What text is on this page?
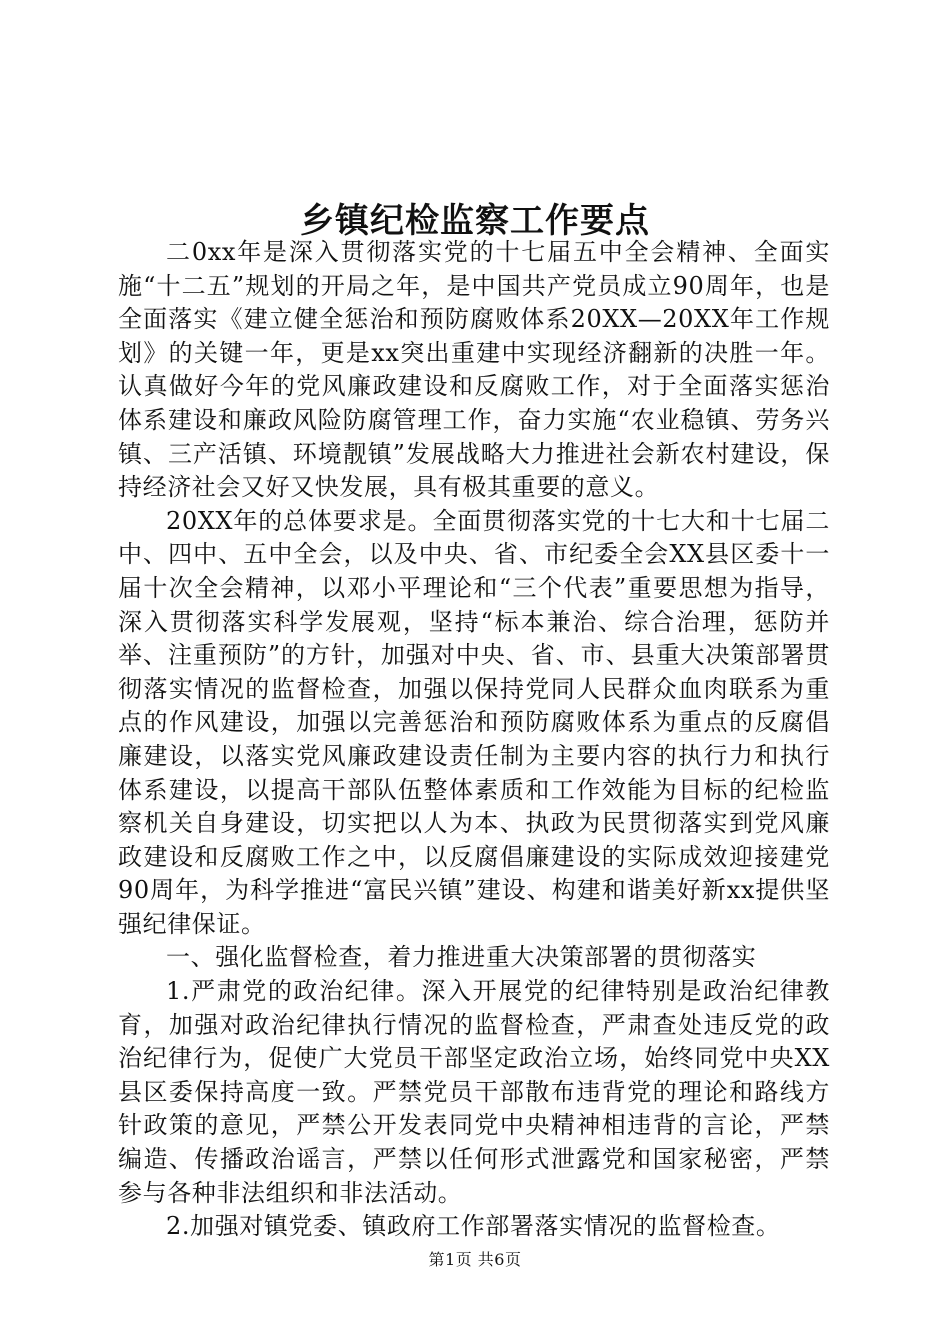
乡镇纪检监察工作要点

二0xx年是深入贯彻落实党的十七届五中全会精神、全面实施“十二五”规划的开局之年，是中国共产党员成立90周年，也是全面落实《建立健全惩治和预防腐败体系20XX—20XX年工作规划》的关键一年，更是xx突出重建中实现经济翻新的决胜一年。认真做好今年的党风廉政建设和反腐败工作，对于全面落实惩治体系建设和廉政风险防腐管理工作，奋力实施“农业稳镇、劳务兴镇、三产活镇、环境靓镇”发展战略大力推进社会新农村建设，保持经济社会又好又快发展，具有极其重要的意义。

20XX年的总体要求是。全面贯彻落实党的十七大和十七届二中、四中、五中全会，以及中央、省、市纪委全会XX县区委十一届十次全会精神，以邓小平理论和“三个代表”重要思想为指导，深入贯彻落实科学发展观，坚持“标本兼治、综合治理，惩防并举、注重预防”的方针，加强对中央、省、市、县重大决策部署贯彻落实情况的监督检查，加强以保持党同人民群众血肉联系为重点的作风建设，加强以完善惩治和预防腐败体系为重点的反腐倡廉建设，以落实党风廉政建设责任制为主要内容的执行力和执行体系建设，以提高干部队伍整体素质和工作效能为目标的纪检监察机关自身建设，切实把以人为本、执政为民贯彻落实到党风廉政建设和反腐败工作之中，以反腐倡廉建设的实际成效迎接建党90周年，为科学推进“富民兴镇”建设、构建和谐美好新xx提供坚强纪律保证。

一、强化监督检查，着力推进重大决策部署的贯彻落实

1.严肃党的政治纪律。深入开展党的纪律特别是政治纪律教育，加强对政治纪律执行情况的监督检查，严肃查处违反党的政治纪律行为，促使广大党员干部坚定政治立场，始终同党中央XX县区委保持高度一致。严禁党员干部散布违背党的理论和路线方针政策的意见，严禁公开发表同党中央精神相违背的言论，严禁编造、传播政治谣言，严禁以任何形式泄露党和国家秘密，严禁参与各种非法组织和非法活动。

2.加强对镇党委、镇政府工作部署落实情况的监督检查。

第1页 共6页
